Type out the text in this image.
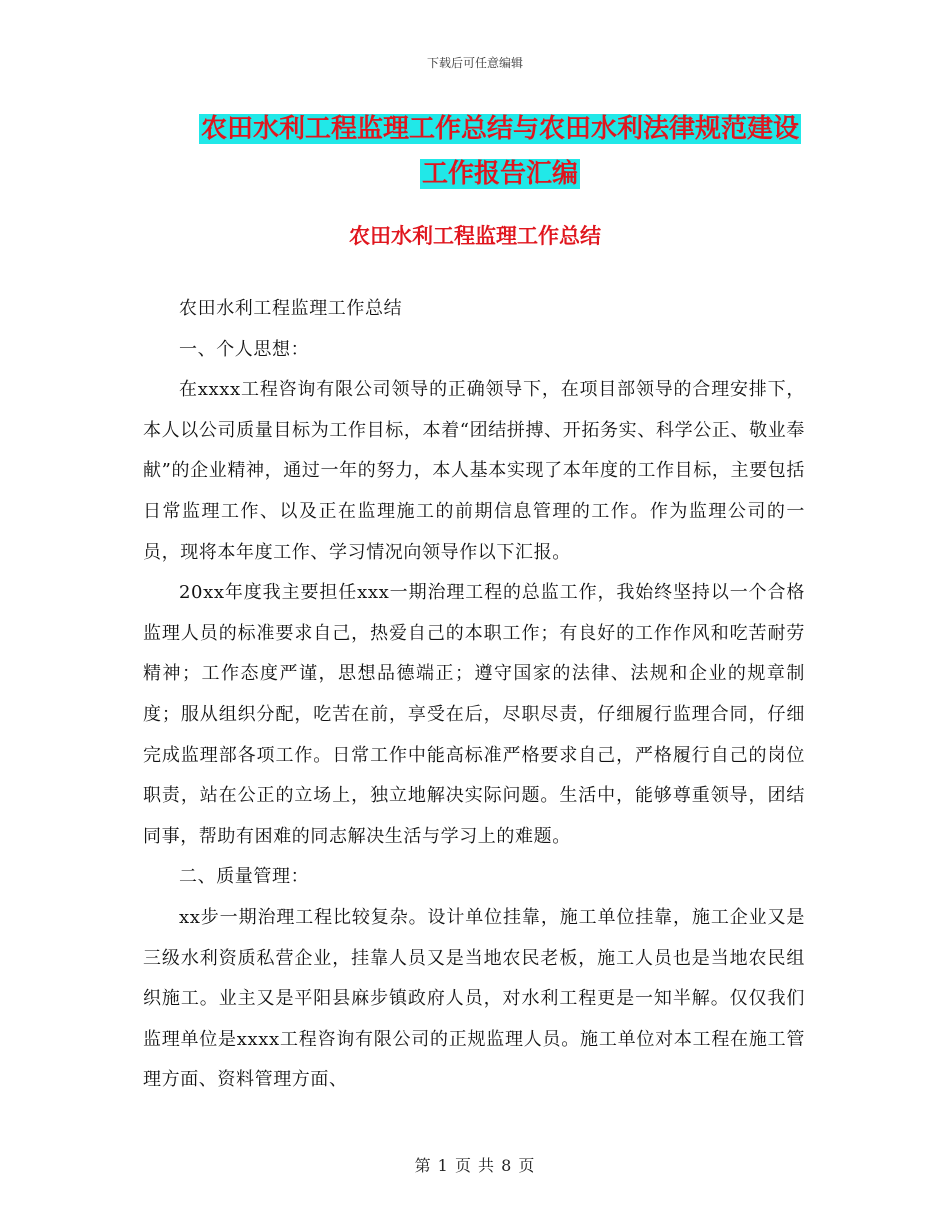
下载后可任意编辑
农田水利工程监理工作总结与农田水利法律规范建设
工作报告汇编
农田水利工程监理工作总结

农田水利工程监理工作总结

一、个人思想：

在xxxx工程咨询有限公司领导的正确领导下，在项目部领导的合理安排下，本人以公司质量目标为工作目标，本着“团结拼搏、开拓务实、科学公正、敬业奉献”的企业精神，通过一年的努力，本人基本实现了本年度的工作目标，主要包括日常监理工作、以及正在监理施工的前期信息管理的工作。作为监理公司的一员，现将本年度工作、学习情况向领导作以下汇报。

20xx年度我主要担任xxx一期治理工程的总监工作，我始终坚持以一个合格监理人员的标准要求自己，热爱自己的本职工作；有良好的工作作风和吃苦耐劳精神；工作态度严谨，思想品德端正；遵守国家的法律、法规和企业的规章制度；服从组织分配，吃苦在前，享受在后，尽职尽责，仔细履行监理合同，仔细完成监理部各项工作。日常工作中能高标准严格要求自己，严格履行自己的岗位职责，站在公正的立场上，独立地解决实际问题。生活中，能够尊重领导，团结同事，帮助有困难的同志解决生活与学习上的难题。

二、质量管理：

xx步一期治理工程比较复杂。设计单位挂靠，施工单位挂靠，施工企业又是三级水利资质私营企业，挂靠人员又是当地农民老板，施工人员也是当地农民组织施工。业主又是平阳县麻步镇政府人员，对水利工程更是一知半解。仅仅我们监理单位是xxxx工程咨询有限公司的正规监理人员。施工单位对本工程在施工管理方面、资料管理方面、

第 1 页 共 8 页
